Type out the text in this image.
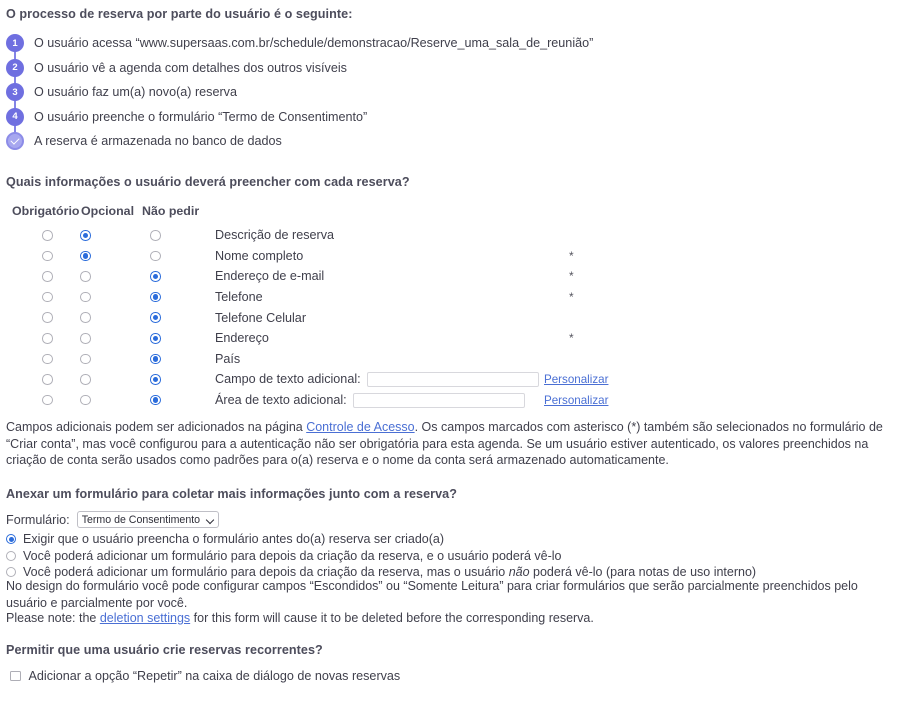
O processo de reserva por parte do usuário é o seguinte:
1	O usuário acessa “www.supersaas.com.br/schedule/demonstracao/Reserve_uma_sala_de_reunião”
2	O usuário vê a agenda com detalhes dos outros visíveis
3	O usuário faz um(a) novo(a) reserva
4	O usuário preenche o formulário “Termo de Consentimento”
A reserva é armazenada no banco de dados
Quais informações o usuário deverá preencher com cada reserva?
Obrigatório Opcional Não pedir
Descrição de reserva
Nome completo	*
Endereço de e-mail	*
Telefone	*
Telefone Celular
Endereço	*
País
Campo de texto adicional:	Personalizar
Área de texto adicional:	Personalizar

Campos adicionais podem ser adicionados na página Controle de Acesso. Os campos marcados com asterisco (*) também são selecionados no formulário de “Criar conta”, mas você configurou para a autenticação não ser obrigatória para esta agenda. Se um usuário estiver autenticado, os valores preenchidos na criação de conta serão usados como padrões para o(a) reserva e o nome da conta será armazenado automaticamente.

Anexar um formulário para coletar mais informações junto com a reserva?
Formulário:
Termo de Consentimento
Exigir que o usuário preencha o formulário antes do(a) reserva ser criado(a)
Você poderá adicionar um formulário para depois da criação da reserva, e o usuário poderá vê-lo
Você poderá adicionar um formulário para depois da criação da reserva, mas o usuário não poderá vê-lo (para notas de uso interno)

No design do formulário você pode configurar campos “Escondidos” ou “Somente Leitura” para criar formulários que serão parcialmente preenchidos pelo usuário e parcialmente por você.

Please note: the deletion settings for this form will cause it to be deleted before the corresponding reserva.

Permitir que uma usuário crie reservas recorrentes?
Adicionar a opção “Repetir” na caixa de diálogo de novas reservas
